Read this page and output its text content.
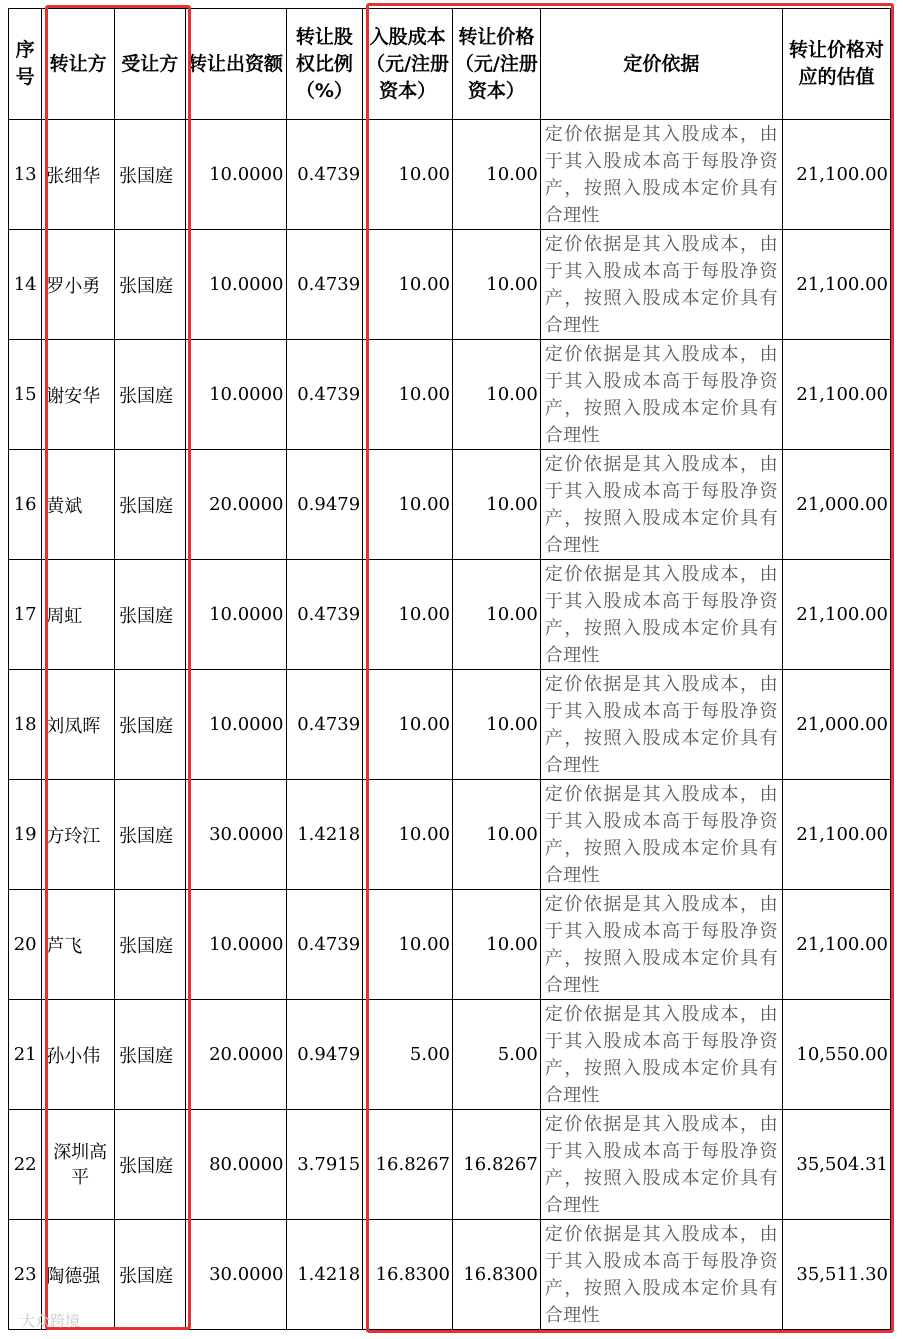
序号	转让方	受让方	转让出资额	转让股权比例（%）	入股成本（元/注册资本）	转让价格（元/注册资本）	定价依据	转让价格对应的估值
13	张细华	张国庭	10.0000	0.4739	10.00	10.00	定价依据是其入股成本，由于其入股成本高于每股净资产，按照入股成本定价具有合理性	21,100.00
14	罗小勇	张国庭	10.0000	0.4739	10.00	10.00	定价依据是其入股成本，由于其入股成本高于每股净资产，按照入股成本定价具有合理性	21,100.00
15	谢安华	张国庭	10.0000	0.4739	10.00	10.00	定价依据是其入股成本，由于其入股成本高于每股净资产，按照入股成本定价具有合理性	21,100.00
16	黄斌	张国庭	20.0000	0.9479	10.00	10.00	定价依据是其入股成本，由于其入股成本高于每股净资产，按照入股成本定价具有合理性	21,000.00
17	周虹	张国庭	10.0000	0.4739	10.00	10.00	定价依据是其入股成本，由于其入股成本高于每股净资产，按照入股成本定价具有合理性	21,100.00
18	刘凤晖	张国庭	10.0000	0.4739	10.00	10.00	定价依据是其入股成本，由于其入股成本高于每股净资产，按照入股成本定价具有合理性	21,000.00
19	方玲江	张国庭	30.0000	1.4218	10.00	10.00	定价依据是其入股成本，由于其入股成本高于每股净资产，按照入股成本定价具有合理性	21,100.00
20	芦飞	张国庭	10.0000	0.4739	10.00	10.00	定价依据是其入股成本，由于其入股成本高于每股净资产，按照入股成本定价具有合理性	21,100.00
21	孙小伟	张国庭	20.0000	0.9479	5.00	5.00	定价依据是其入股成本，由于其入股成本高于每股净资产，按照入股成本定价具有合理性	10,550.00
22	深圳高平	张国庭	80.0000	3.7915	16.8267	16.8267	定价依据是其入股成本，由于其入股成本高于每股净资产，按照入股成本定价具有合理性	35,504.31
23	陶德强	张国庭	30.0000	1.4218	16.8300	16.8300	定价依据是其入股成本，由于其入股成本高于每股净资产，按照入股成本定价具有合理性	35,511.30
大众跨境
